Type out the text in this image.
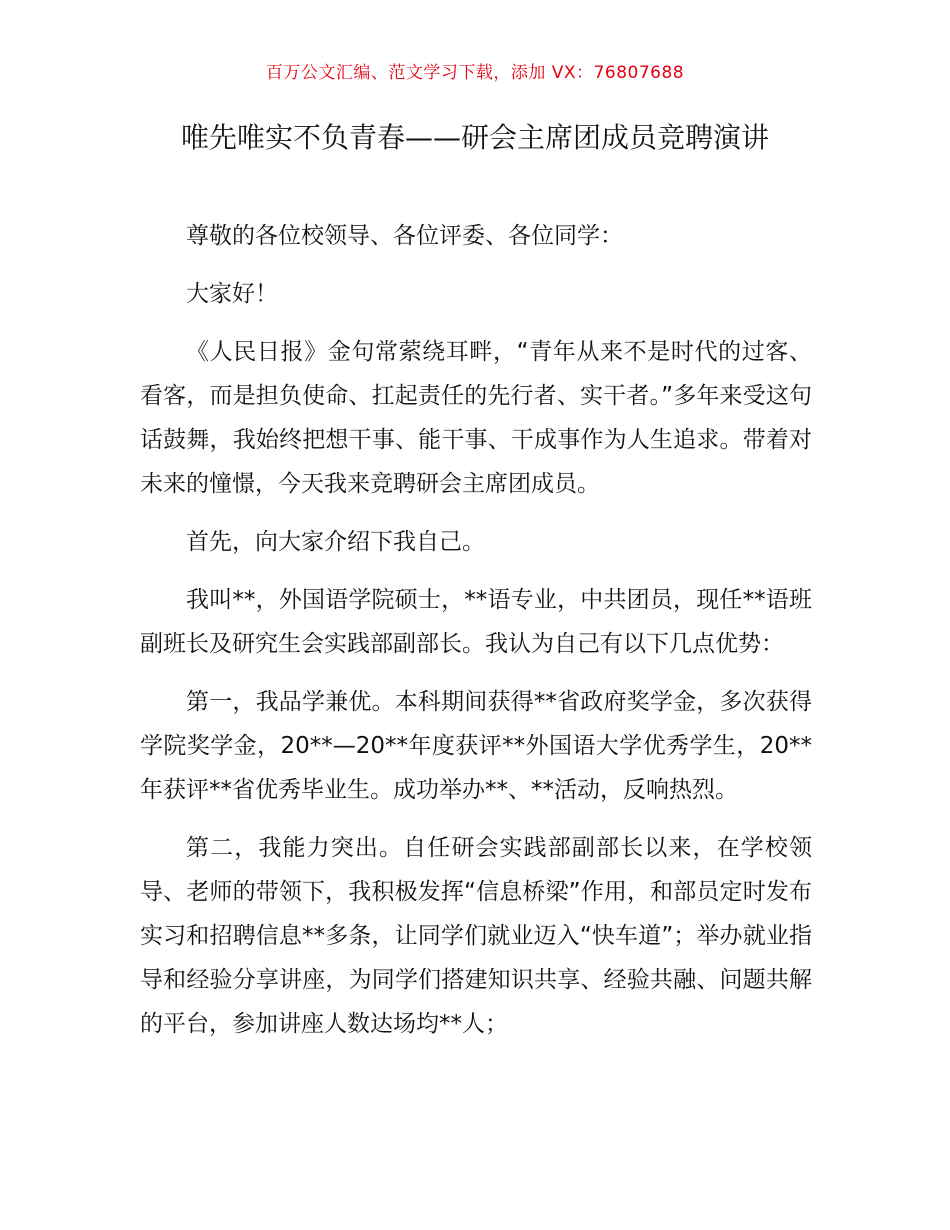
百万公文汇编、范文学习下载，添加 VX：76807688
唯先唯实不负青春——研会主席团成员竞聘演讲

尊敬的各位校领导、各位评委、各位同学：

大家好！

《人民日报》金句常萦绕耳畔，“青年从来不是时代的过客、看客，而是担负使命、扛起责任的先行者、实干者。”多年来受这句话鼓舞，我始终把想干事、能干事、干成事作为人生追求。带着对未来的憧憬，今天我来竞聘研会主席团成员。

首先，向大家介绍下我自己。

我叫**，外国语学院硕士，**语专业，中共团员，现任**语班副班长及研究生会实践部副部长。我认为自己有以下几点优势：

第一，我品学兼优。本科期间获得**省政府奖学金，多次获得学院奖学金，20**—20**年度获评**外国语大学优秀学生，20**年获评**省优秀毕业生。成功举办**、**活动，反响热烈。

第二，我能力突出。自任研会实践部副部长以来，在学校领导、老师的带领下，我积极发挥“信息桥梁”作用，和部员定时发布实习和招聘信息**多条，让同学们就业迈入“快车道”；举办就业指导和经验分享讲座，为同学们搭建知识共享、经验共融、问题共解的平台，参加讲座人数达场均**人；
